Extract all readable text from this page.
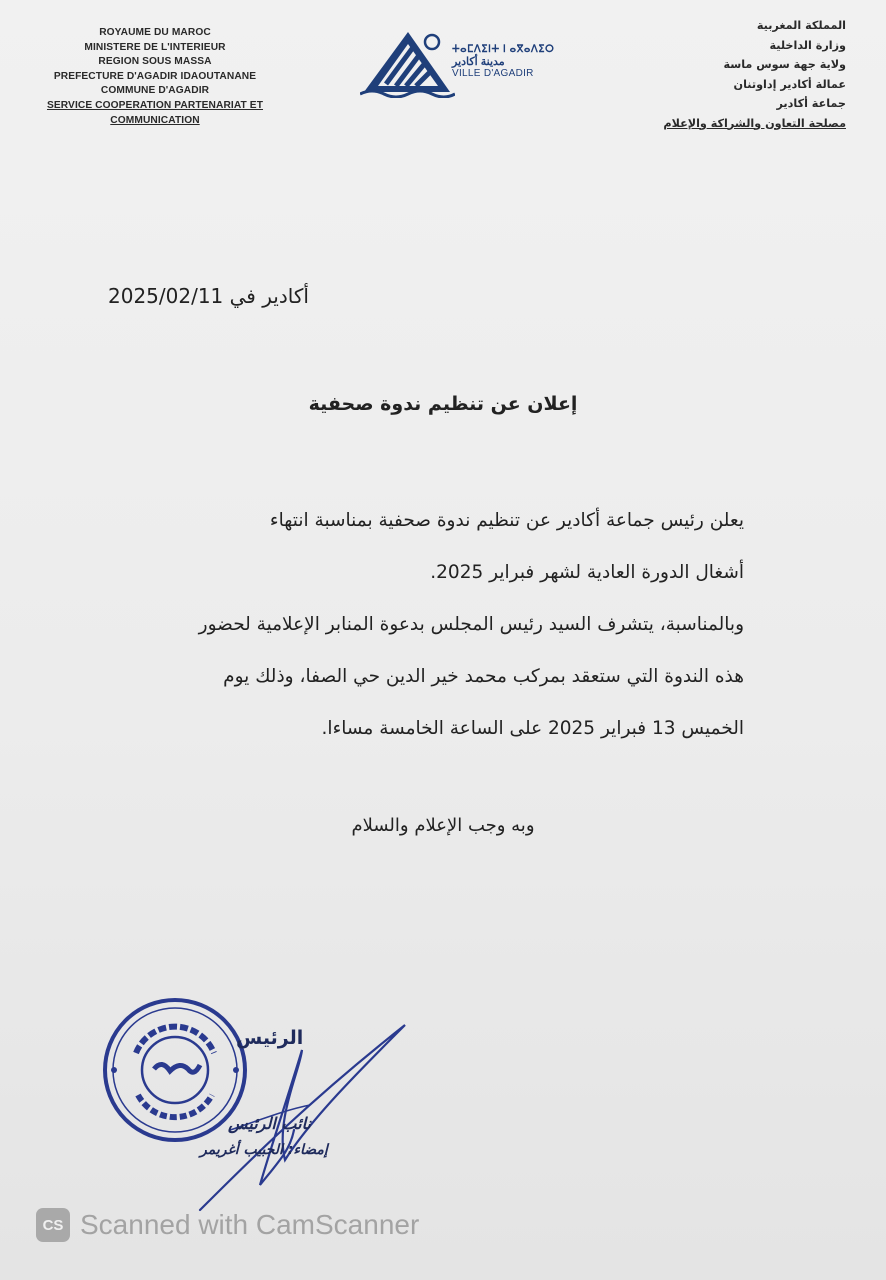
ROYAUME DU MAROC
MINISTERE DE L'INTERIEUR
REGION SOUS MASSA
PREFECTURE D'AGADIR IDAOUTANANE
COMMUNE D'AGADIR
SERVICE COOPERATION PARTENARIAT ET
COMMUNICATION
ⵜⴰⵎⴷⵉⵏⵜ ⵏ ⴰⴳⴰⴷⵉⵔ
مدينة أكادير
VILLE D'AGADIR
المملكة المغربية
وزارة الداخلية
ولاية جهة سوس ماسة
عمالة أكادير إداوتنان
جماعة أكادير
مصلحة التعاون والشراكة والإعلام
أكادير في 2025/02/11
إعلان عن تنظيم ندوة صحفية

يعلن رئيس جماعة أكادير عن تنظيم ندوة صحفية بمناسبة انتهاء

أشغال الدورة العادية لشهر فبراير 2025.

وبالمناسبة، يتشرف السيد رئيس المجلس بدعوة المنابر الإعلامية لحضور

هذه الندوة التي ستعقد بمركب محمد خير الدين حي الصفا، وذلك يوم

الخميس 13 فبراير 2025 على الساعة الخامسة مساءا.

وبه وجب الإعلام والسلام
الرئيس
نائب الرئيس
إمضاء: الحبيب أغريمر
CS Scanned with CamScanner
